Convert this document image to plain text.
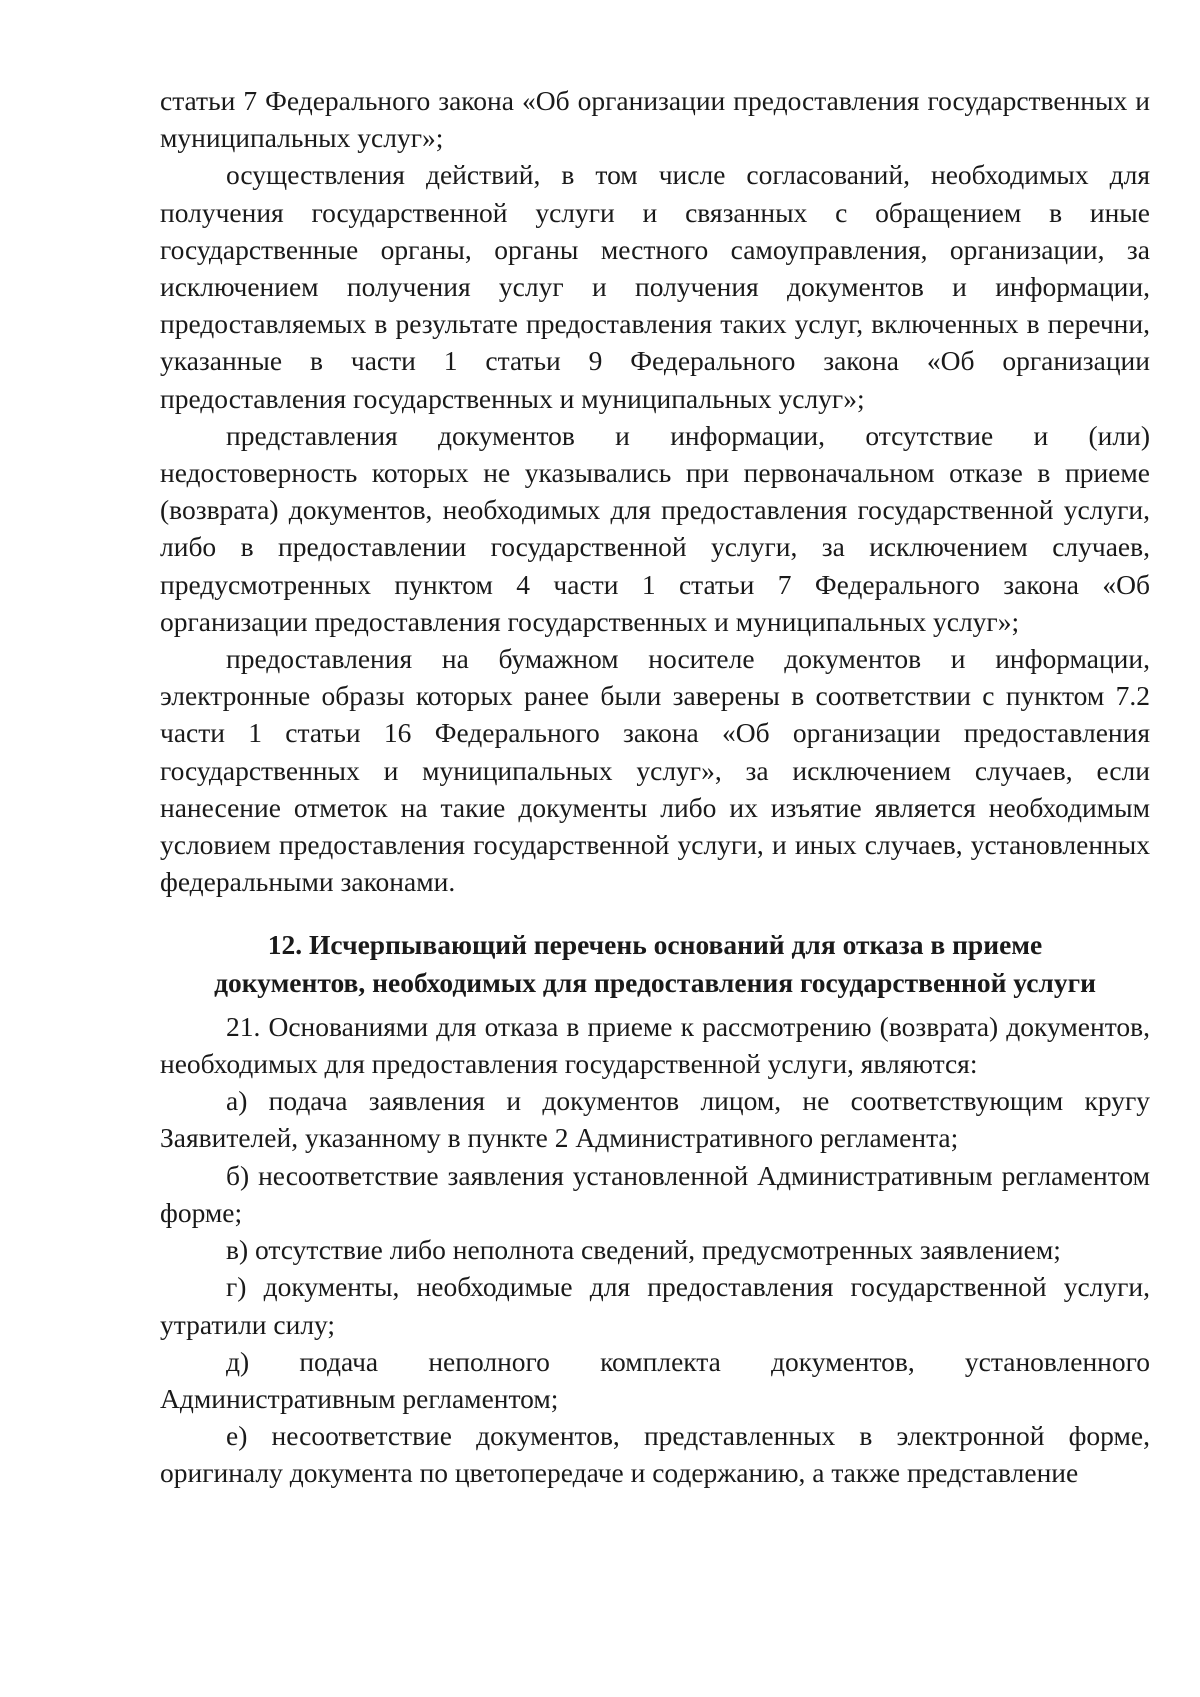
статьи 7 Федерального закона «Об организации предоставления государственных и муниципальных услуг»;

осуществления действий, в том числе согласований, необходимых для получения государственной услуги и связанных с обращением в иные государственные органы, органы местного самоуправления, организации, за исключением получения услуг и получения документов и информации, предоставляемых в результате предоставления таких услуг, включенных в перечни, указанные в части 1 статьи 9 Федерального закона «Об организации предоставления государственных и муниципальных услуг»;

представления документов и информации, отсутствие и (или) недостоверность которых не указывались при первоначальном отказе в приеме (возврата) документов, необходимых для предоставления государственной услуги, либо в предоставлении государственной услуги, за исключением случаев, предусмотренных пунктом 4 части 1 статьи 7 Федерального закона «Об организации предоставления государственных и муниципальных услуг»;

предоставления на бумажном носителе документов и информации, электронные образы которых ранее были заверены в соответствии с пунктом 7.2 части 1 статьи 16 Федерального закона «Об организации предоставления государственных и муниципальных услуг», за исключением случаев, если нанесение отметок на такие документы либо их изъятие является необходимым условием предоставления государственной услуги, и иных случаев, установленных федеральными законами.

12. Исчерпывающий перечень оснований для отказа в приеме
документов, необходимых для предоставления государственной услуги

21. Основаниями для отказа в приеме к рассмотрению (возврата) документов, необходимых для предоставления государственной услуги, являются:

а) подача заявления и документов лицом, не соответствующим кругу Заявителей, указанному в пункте 2 Административного регламента;

б) несоответствие заявления установленной Административным регламентом форме;

в) отсутствие либо неполнота сведений, предусмотренных заявлением;

г) документы, необходимые для предоставления государственной услуги, утратили силу;

д) подача неполного комплекта документов, установленного Административным регламентом;

е) несоответствие документов, представленных в электронной форме, оригиналу документа по цветопередаче и содержанию, а также представление
